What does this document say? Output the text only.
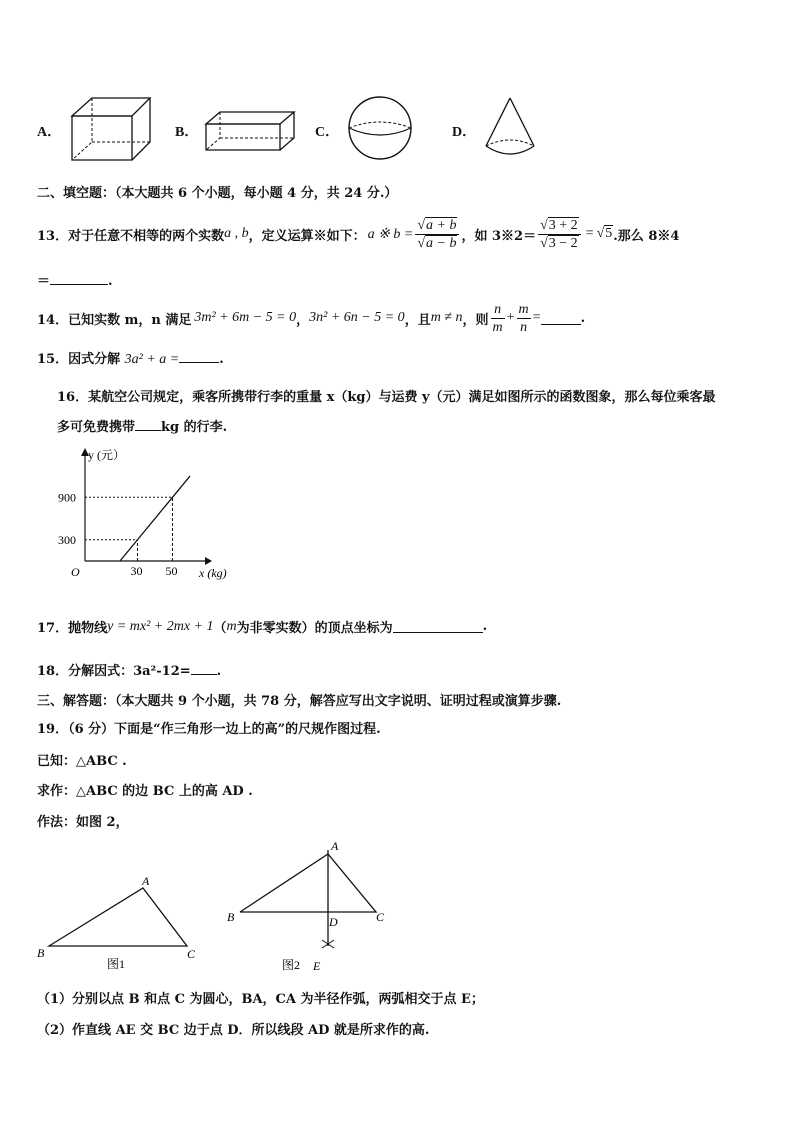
A．	B．	C．	D．
二、填空题：（本大题共 6 个小题，每小题 4 分，共 24 分.）
13． 对于任意不相等的两个实数 a , b ，定义运算※如下： a ※ $b = \frac{√a + b}{√a - b}$ ，如 3※2＝ $\frac{√3 + 2}{√3 - 2} = √5$ .那么 8※4
＝	.
14． 已知实数 m，n 满足 3m² + 6m − 5 = 0 ， 3n² + 6n − 5 = 0 ，且 m ≠ n ，则 $\frac{n}{m} + \frac{m}{n}$ =	.
15．因式分解 3a² + a =	.
16．某航空公司规定，乘客所携带行李的重量 x（kg）与运费 y（元）满足如图所示的函数图象，那么每位乘客最
多可免费携带 kg 的行李.
y (元）
x (kg)
O	30
300
50
900
17． 抛物线 y = mx² + 2mx + 1 （ m 为非零实数）的顶点坐标为	.
18．分解因式：3a²-12= .
三、解答题：（本大题共 9 个小题，共 78 分，解答应写出文字说明、证明过程或演算步骤.
19．（6 分）下面是“作三角形一边上的高”的尺规作图过程.
已知：△ABC .
求作：△ABC 的边 BC 上的高 AD .
作法：如图 2，
A
B	C
图1
A
B	C
D
E
图2
（1）分别以点 B 和点 C 为圆心，BA，CA 为半径作弧，两弧相交于点 E；
（2）作直线 AE 交 BC 边于点 D．所以线段 AD 就是所求作的高.
